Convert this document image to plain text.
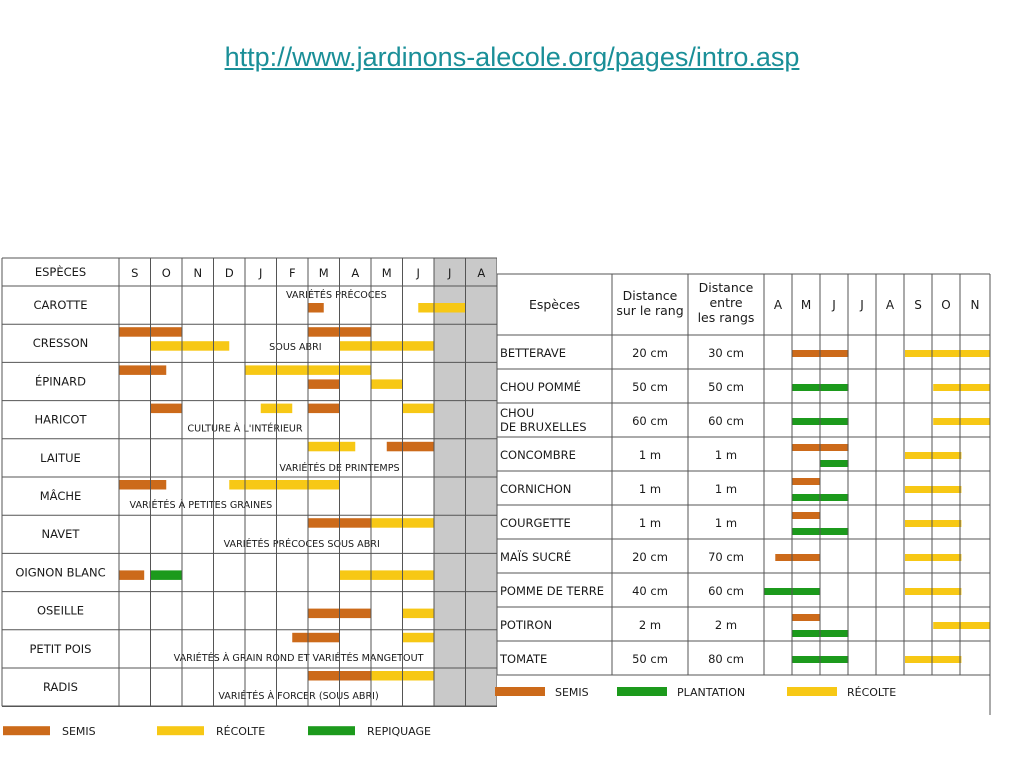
http://www.jardinons-alecole.org/pages/intro.asp
S O N D J F M A M J J A
ESPÈCES
CAROTTE
VARIÉTÉS PRÉCOCES
CRESSON	SOUS ABRI
ÉPINARD
HARICOT
CULTURE À L'INTÉRIEUR
LAITUE
VARIÉTÉS DE PRINTEMPS
MÂCHE
VARIÉTÉS À PETITES GRAINES
NAVET
VARIÉTÉS PRÉCOCES SOUS ABRI
OIGNON BLANC
OSEILLE
PETIT POIS
VARIÉTÉS À GRAIN ROND ET VARIÉTÉS MANGETOUT
RADIS
VARIÉTÉS À FORCER (SOUS ABRI)
SEMIS	RÉCOLTE	REPIQUAGE
Espèces
Distance
sur le rang
Distance
entre
les rangs
A M J J A S O N
BETTERAVE	20 cm	30 cm
CHOU POMMÉ	50 cm	50 cm
CHOU
DE BRUXELLES	60 cm	60 cm
CONCOMBRE	1 m	1 m
CORNICHON	1 m	1 m
COURGETTE	1 m	1 m
MAÏS SUCRÉ	20 cm	70 cm
POMME DE TERRE 40 cm	60 cm
POTIRON	2 m	2 m
TOMATE	50 cm	80 cm
SEMIS	PLANTATION	RÉCOLTE
